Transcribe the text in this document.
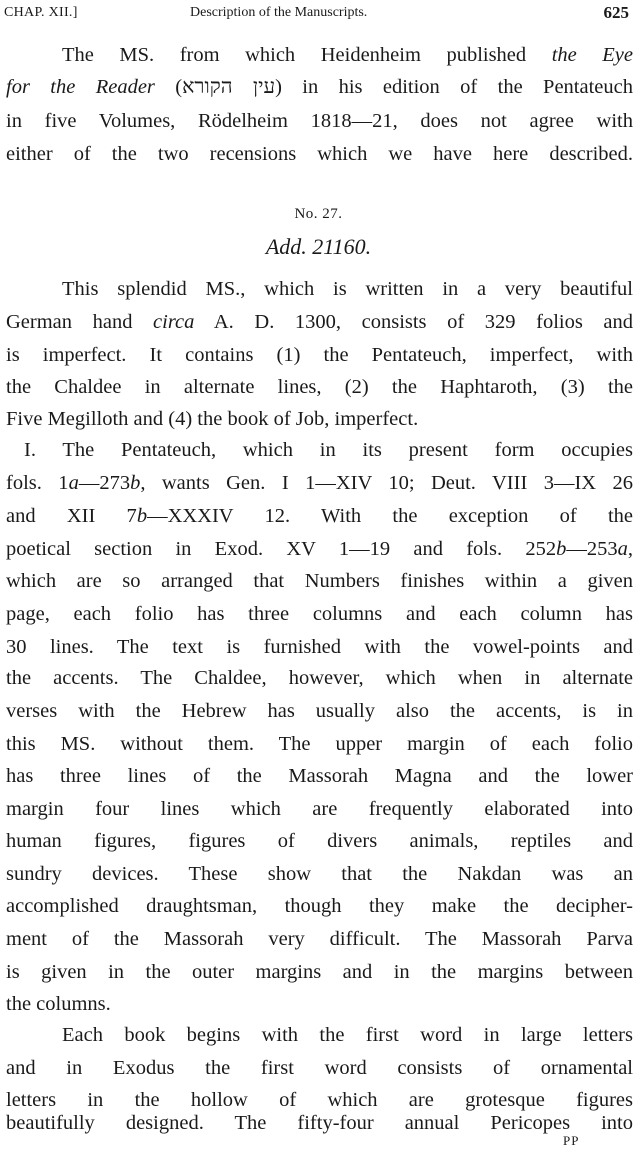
CHAP. XII.]	Description of the Manuscripts.	625
The MS. from which Heidenheim published the Eye
for the Reader (עין הקורא) in his edition of the Pentateuch
in five Volumes, Rödelheim 1818—21, does not agree with
either of the two recensions which we have here described.
No. 27.
Add. 21160.
This splendid MS., which is written in a very beautiful
German hand circa A. D. 1300, consists of 329 folios and
is imperfect. It contains (1) the Pentateuch, imperfect, with
the Chaldee in alternate lines, (2) the Haphtaroth, (3) the
Five Megilloth and (4) the book of Job, imperfect.
I. The Pentateuch, which in its present form occupies
fols. 1a—273b, wants Gen. I 1—XIV 10; Deut. VIII 3—IX 26
and XII 7b—XXXIV 12. With the exception of the
poetical section in Exod. XV 1—19 and fols. 252b—253a,
which are so arranged that Numbers finishes within a given
page, each folio has three columns and each column has
30 lines. The text is furnished with the vowel-points and
the accents. The Chaldee, however, which when in alternate
verses with the Hebrew has usually also the accents, is in
this MS. without them. The upper margin of each folio
has three lines of the Massorah Magna and the lower
margin four lines which are frequently elaborated into
human figures, figures of divers animals, reptiles and
sundry devices. These show that the Nakdan was an
accomplished draughtsman, though they make the decipher-
ment of the Massorah very difficult. The Massorah Parva
is given in the outer margins and in the margins between
the columns.
Each book begins with the first word in large letters
and in Exodus the first word consists of ornamental
letters in the hollow of which are grotesque figures
beautifully designed. The fifty-four annual Pericopes into
PP
